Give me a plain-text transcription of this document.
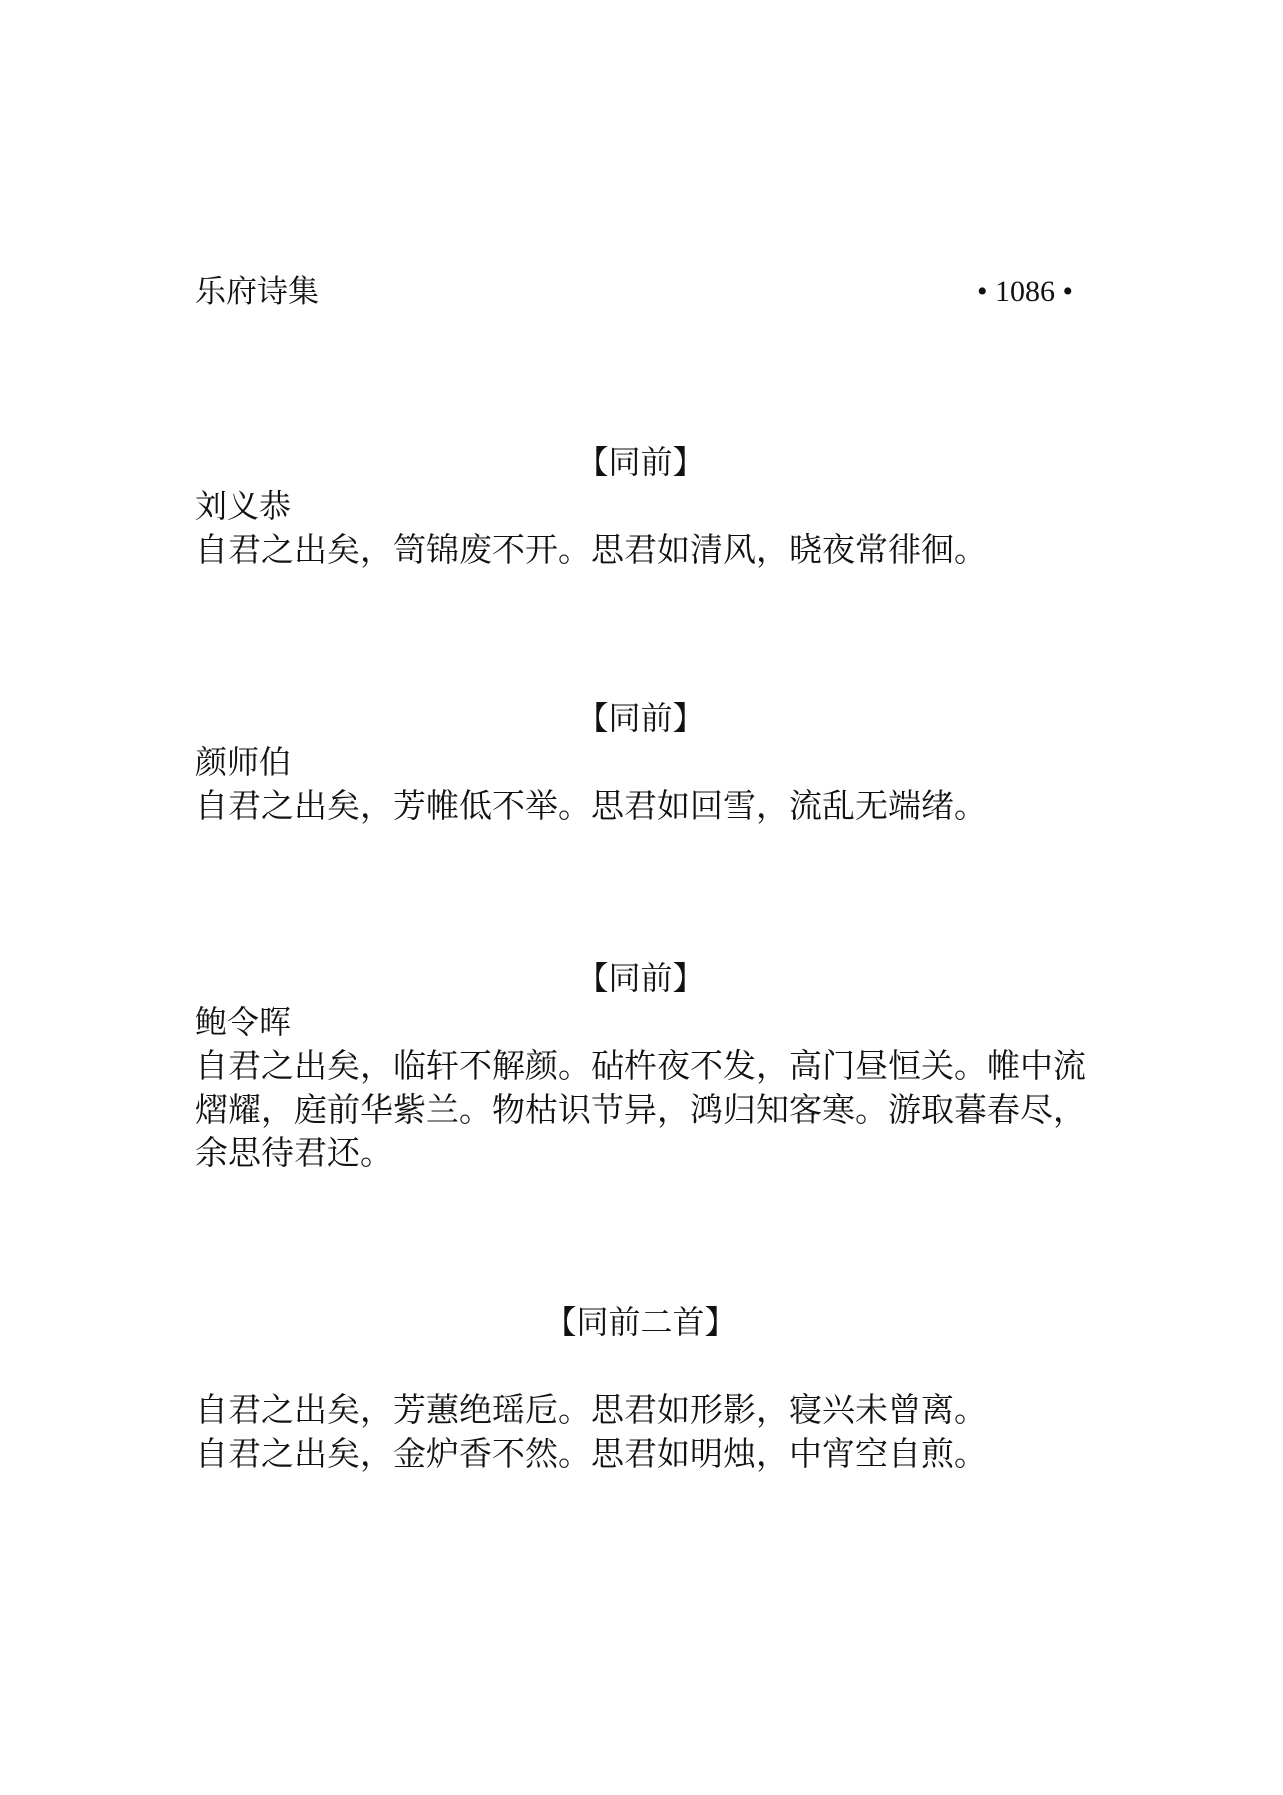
乐府诗集	• 1086 •
【同前】
刘义恭

自君之出矣，笥锦废不开。思君如清风，晓夜常徘徊。

【同前】
颜师伯

自君之出矣，芳帷低不举。思君如回雪，流乱无端绪。

【同前】
鲍令晖

自君之出矣，临轩不解颜。砧杵夜不发，高门昼恒关。帷中流熠耀，庭前华紫兰。物枯识节异，鸿归知客寒。游取暮春尽，余思待君还。

【同前二首】

自君之出矣，芳蕙绝瑶卮。思君如形影，寝兴未曾离。

自君之出矣，金炉香不然。思君如明烛，中宵空自煎。
